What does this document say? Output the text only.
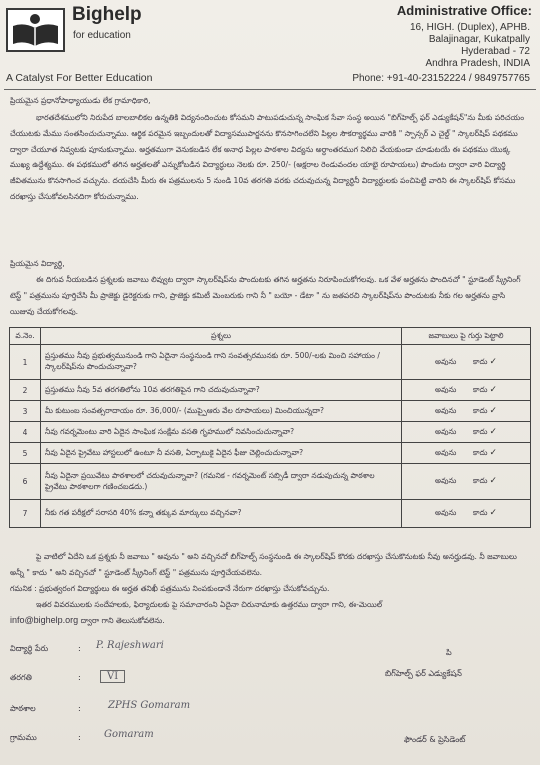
Bighelp
for education
A Catalyst For Better Education
Administrative Office:
16, HIGH. (Duplex), APHB.
Balajinagar, Kukatpally
Hyderabad - 72
Andhra Pradesh, INDIA
Phone: +91-40-23152224 / 9849757765
ప్రియమైన ప్రధానోపాధ్యాయుడు లేక గ్రామాధికారి,
భారతదేశములోని నిరుపేద బాలబాలికల ఉన్నతికి విద్యనందించుట కోసమని పాటుపడుచున్న సాంఘిక సేవా సంస్థ అయిన "బిగ్‌హెల్ప్ ఫర్ ఎడ్యుకేషన్"ను మీకు పరిచయం చేయుటకు మేము సంతసించుచున్నాము. ఆర్థిక పరమైన ఇబ్బందులతో విద్యాసముపార్జనను కొనసాగించలేని పిల్లల సౌకర్యార్థము వారికి " స్పాన్సర్ ఎ చైల్డ్ " స్కాలర్‌షిప్ పథకము ద్వారా చేయూత నివ్వటకు పూనుకున్నాము. అర్హతముగా వెనుకబడిన లేక అనాధ పిల్లల పాఠశాల విద్యను అర్ధాంతరముగ నిలిచి వేయకుండా చూడుటయే ఈ పథకము యొక్క ముఖ్య ఉద్దేశ్యము. ఈ పథకములో తగిన అర్హతలతో ఎన్నుకోబడిన విద్యార్ధులు నెలకు రూ. 250/- (అక్షరాల రెండువందల యాభై రూపాయలు) పొందుట ద్వారా వారి విద్యార్థి జీవితమును కొనసాగించ వచ్చును. దయచేసి మీరు ఈ పత్రములను 5 నుండి 10వ తరగతి వరకు చదువుచున్న విద్యార్థినీ విద్యార్థులకు పంచిపెట్టి వారిని ఈ స్కాలర్‌షిప్ కోసము దరఖాస్తు చేసుకోవలసినదిగా కోరుచున్నాము.
ప్రియమైన విద్యార్థి,
ఈ దిగువ నీయబడిన ప్రశ్నలకు జవాబు లివ్వుట ద్వారా స్కాలర్‌షిప్‌ను పొందుటకు తగిన అర్హతను నిరూపించుకోగలవు. ఒక వేళ అర్హతను పొందినచో " స్టూడెంట్ స్క్రీనింగ్ టెస్ట్ " పత్రమును పూర్తిచేసి మీ ప్రాజెక్టు డైరెక్టరుకు గాని, ప్రాజెక్టు కమిటీ మెంబరుకు గాని నీ " బయో - డేటా " ను జతపరచి స్కాలర్‌షిప్‌ను పొందుటకు నీకు గల అర్హతను వ్రాసి యిజువు చేయకోగలవు.
వ.నెం.	ప్రశ్నలు	జవాబులు పై గుర్తు పెట్టాలి
1	ప్రస్తుతము నీవు ప్రభుత్వమునుండి గాని ఏదైనా సంస్థనుండి గాని సంవత్సరమునకు రూ. 500/-లకు మించి సహాయం / స్కాలర్‌షిప్‌ను పొందుచున్నావా?	అవును కాదు ✓
2	ప్రస్తుతము నీవు 5వ తరగతిలోను 10వ తరగతిపైన గాని చదువుచున్నావా?	అవును కాదు ✓
3	మీ కుటుంబ సంవత్సరాదాయం రూ. 36,000/- (ముప్పైఆరు వేల రూపాయలు) మించియున్నదా?	అవును కాదు ✓
4	నీవు గవర్నమెంటు వారి ఏదైన సాంఘిక సంక్షేమ వసతి గృహములో నివసించుచున్నావా?	అవును కాదు ✓
5	నీవు ఏదైన ప్రైవేటు హాస్టలులో ఉంటూ నీ వసతి, ఏర్పాటుకై ఏదైన ఫీజు చెల్లించుచున్నావా?	అవును కాదు ✓
6	నీవు ఏదైనా ప్రయివేటు పాఠశాలలో చదువుచున్నావా? (గమనిక - గవర్నమెంట్ సబ్సిడీ ద్వారా నడుపుచున్న పాఠశాల ప్రైవేటు పాఠశాలగా గణించబడదు.)	అవును కాదు ✓
7	నీకు గత పరీక్షలో సరాసరి 40% కన్నా తక్కువ మార్కులు వచ్చినవా?	అవును కాదు ✓
పై వాటిలో ఏదేని ఒక ప్రశ్నకు నీ జవాబు " అవును " అని వచ్చినచో బిగ్‌హెల్ప్ సంస్థనుండి ఈ స్కాలర్‌షిప్ కొరకు దరఖాస్తు చేసుకొనుటకు నీవు అనర్హుడవు. నీ జవాబులు అన్నీ " కాదు " అని వచ్చినచో " స్టూడెంట్ స్క్రీనింగ్ టెస్ట్ " పత్రమును పూర్తిచేయవలెను.
గమనిక : ప్రభుత్వరంగ విద్యార్థులు ఈ అర్హత తనిఖీ పత్రమును నింపకుండానే నేరుగా దరఖాస్తు చేసుకోవచ్చును.
ఇతర వివరములకు సందేహలకు, ఫిర్యాదులకు పై సమాచారంని ఏదైనా చిరునామాకు ఉత్తరము ద్వారా గాని, ఈ-మెయిల్
info@bighelp.org ద్వారా గాని తెలుసుకోవలెను.
విద్యార్థి పేరు	: P. Rajeshwari
తరగతి	:	VI
పాఠశాల	:	ZPHS Gomaram
గ్రామము	: Gomaram
పి
బిగ్‌హెల్ప్ ఫర్ ఎడ్యుకేషన్
ఫౌండర్ & ప్రెసిడెంట్
